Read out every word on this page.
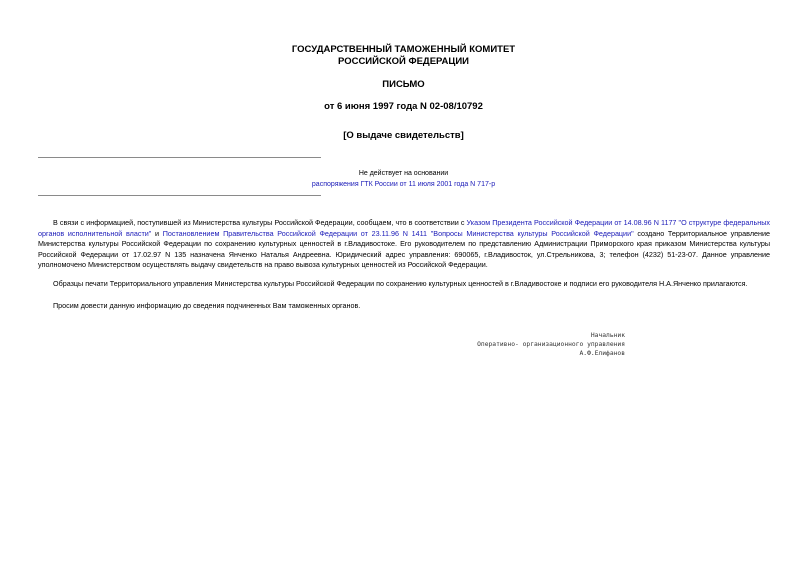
ГОСУДАРСТВЕННЫЙ ТАМОЖЕННЫЙ КОМИТЕТ
РОССИЙСКОЙ ФЕДЕРАЦИИ
ПИСЬМО
от 6 июня 1997 года N 02-08/10792
[О выдаче свидетельств]
Не действует на основании
распоряжения ГТК России от 11 июля 2001 года N 717-р
В связи с информацией, поступившей из Министерства культуры Российской Федерации, сообщаем, что в соответствии с Указом Президента Российской Федерации от 14.08.96 N 1177 "О структуре федеральных органов исполнительной власти" и Постановлением Правительства Российской Федерации от 23.11.96 N 1411 "Вопросы Министерства культуры Российской Федерации" создано Территориальное управление Министерства культуры Российской Федерации по сохранению культурных ценностей в г.Владивостоке. Его руководителем по представлению Администрации Приморского края приказом Министерства культуры Российской Федерации от 17.02.97 N 135 назначена Янченко Наталья Андреевна. Юридический адрес управления: 690065, г.Владивосток, ул.Стрельникова, 3; телефон (4232) 51-23-07. Данное управление уполномочено Министерством осуществлять выдачу свидетельств на право вывоза культурных ценностей из Российской Федерации.
Образцы печати Территориального управления Министерства культуры Российской Федерации по сохранению культурных ценностей в г.Владивостоке и подписи его руководителя Н.А.Янченко прилагаются.
Просим довести данную информацию до сведения подчиненных Вам таможенных органов.
Начальник
Оперативно- организационного управления
А.Ф.Елифанов
